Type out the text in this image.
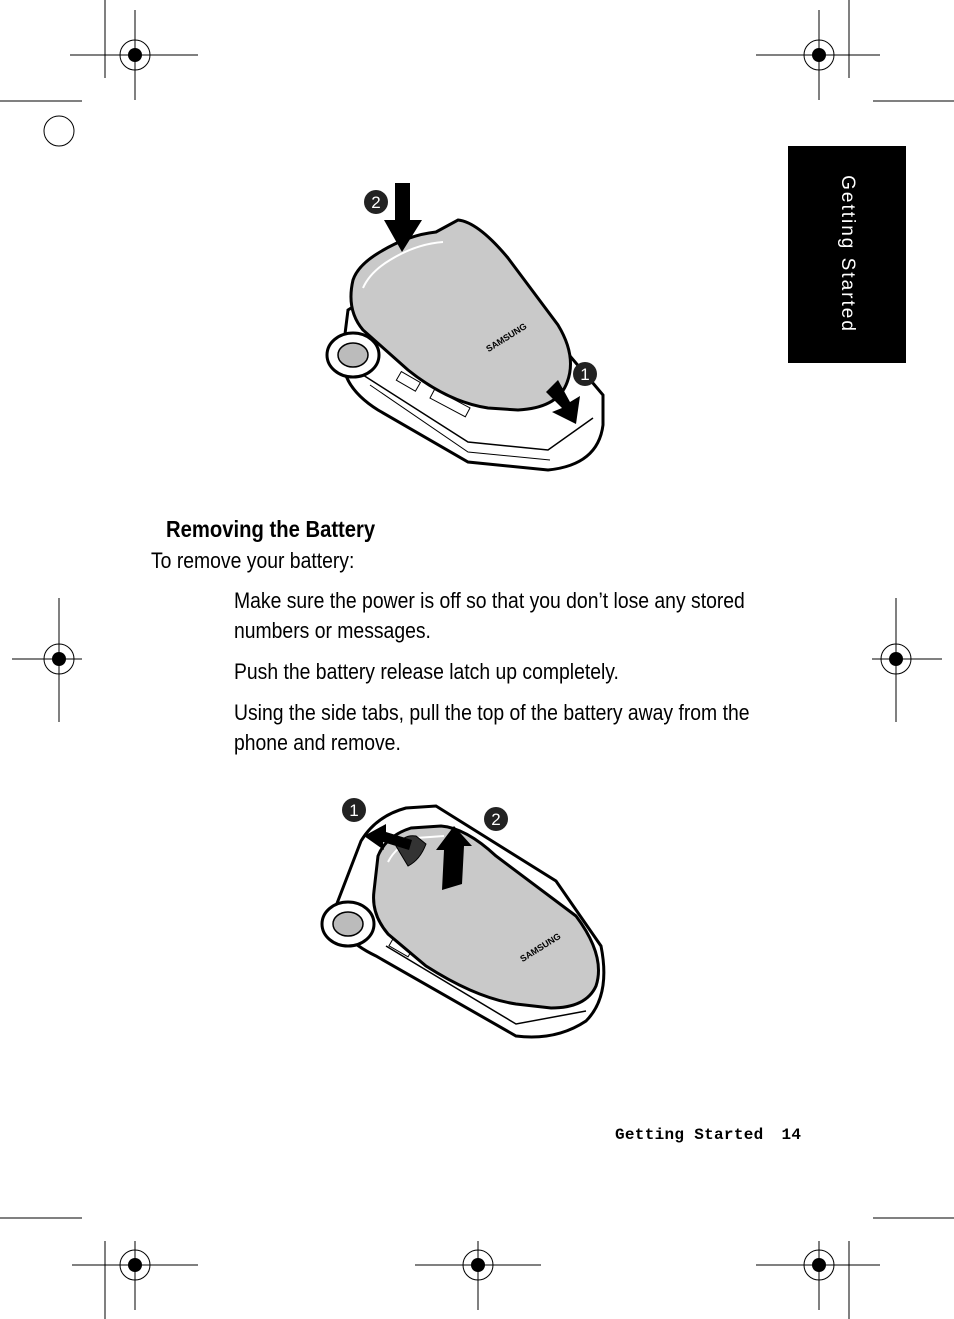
Getting Started
SAMSUNG
2
1
Removing the Battery
To remove your battery:
Make sure the power is off so that you don’t lose any stored numbers or messages.
Push the battery release latch up completely.
Using the side tabs, pull the top of the battery away from the phone and remove.
SAMSUNG
1	2
Getting Started 14
